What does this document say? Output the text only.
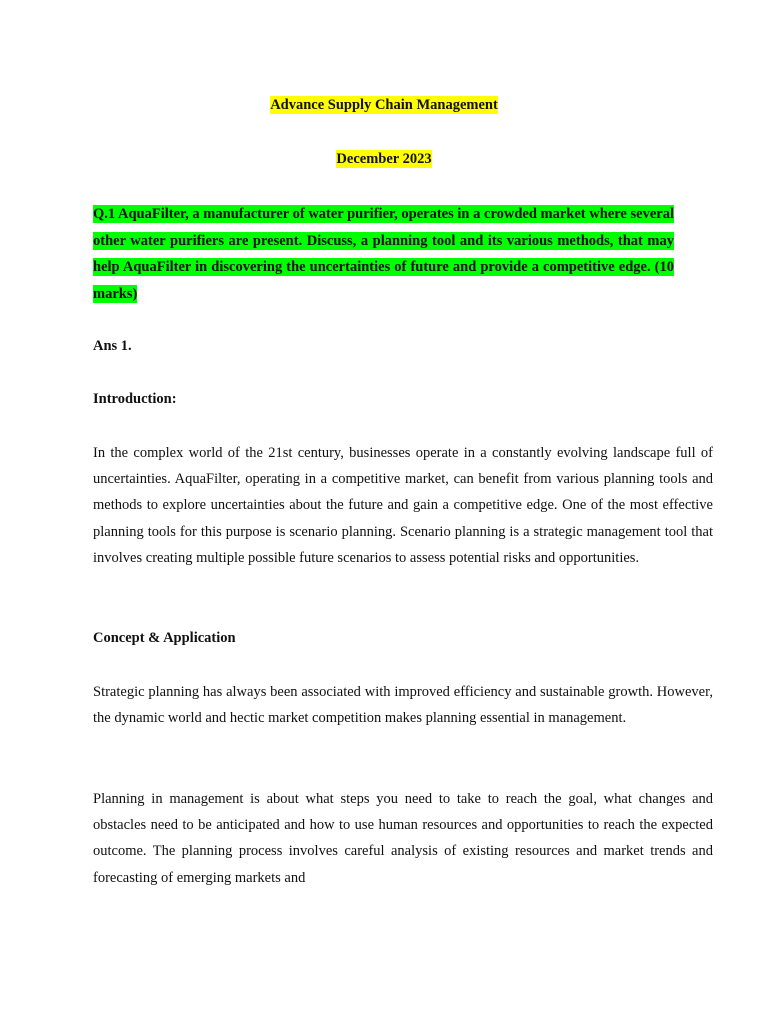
Advance Supply Chain Management
December 2023
Q.1 AquaFilter, a manufacturer of water purifier, operates in a crowded market where several other water purifiers are present. Discuss, a planning tool and its various methods, that may help AquaFilter in discovering the uncertainties of future and provide a competitive edge. (10 marks)
Ans 1.
Introduction:
In the complex world of the 21st century, businesses operate in a constantly evolving landscape full of uncertainties. AquaFilter, operating in a competitive market, can benefit from various planning tools and methods to explore uncertainties about the future and gain a competitive edge. One of the most effective planning tools for this purpose is scenario planning. Scenario planning is a strategic management tool that involves creating multiple possible future scenarios to assess potential risks and opportunities.
Concept & Application
Strategic planning has always been associated with improved efficiency and sustainable growth. However, the dynamic world and hectic market competition makes planning essential in management.
Planning in management is about what steps you need to take to reach the goal, what changes and obstacles need to be anticipated and how to use human resources and opportunities to reach the expected outcome. The planning process involves careful analysis of existing resources and market trends and forecasting of emerging markets and
